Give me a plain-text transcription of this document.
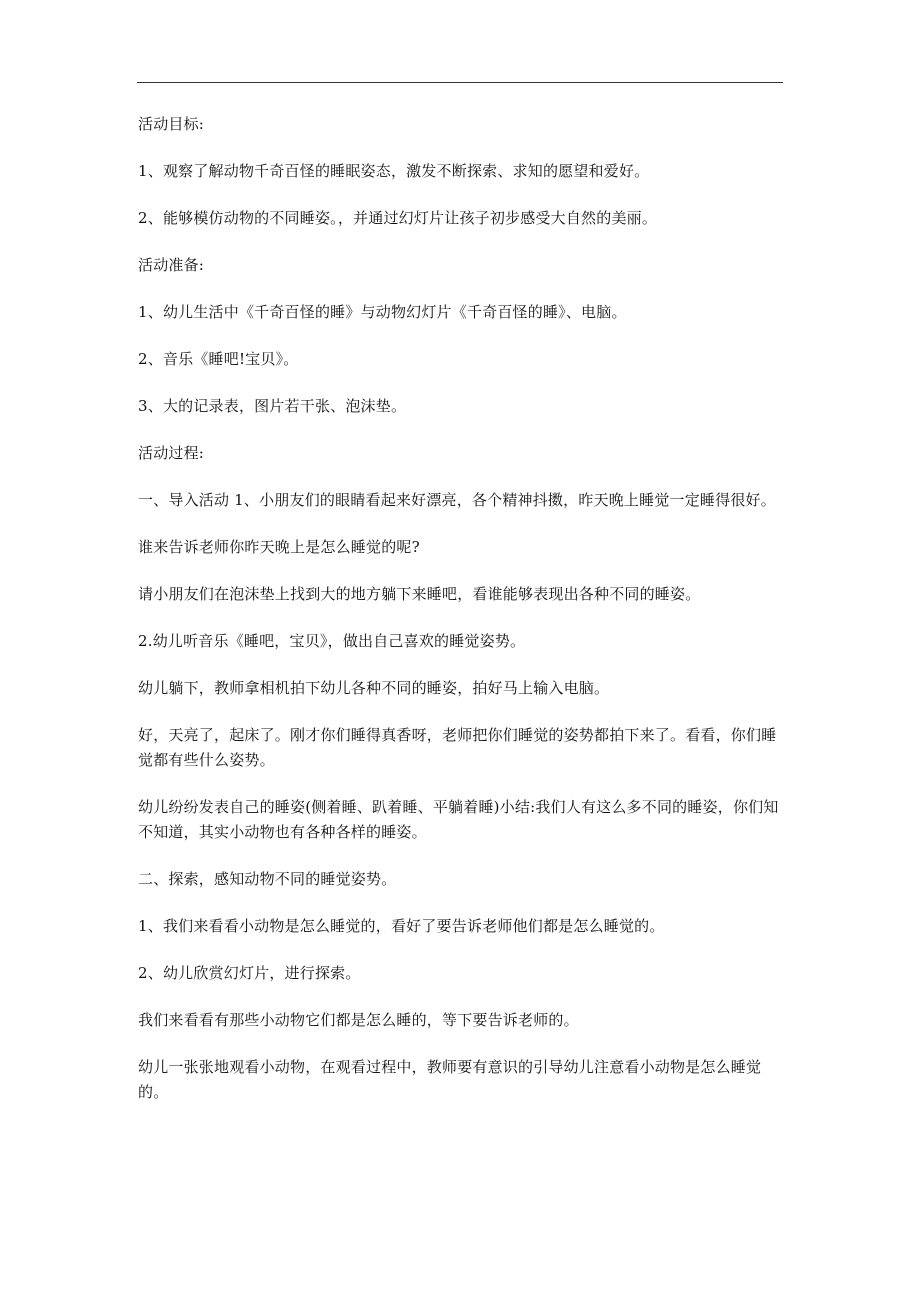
活动目标:

1、观察了解动物千奇百怪的睡眠姿态，激发不断探索、求知的愿望和爱好。

2、能够模仿动物的不同睡姿。，并通过幻灯片让孩子初步感受大自然的美丽。

活动准备:

1、幼儿生活中《千奇百怪的睡》与动物幻灯片《千奇百怪的睡》、电脑。

2、音乐《睡吧!宝贝》。

3、大的记录表，图片若干张、泡沫垫。

活动过程:

一、导入活动 1、小朋友们的眼睛看起来好漂亮，各个精神抖擞，昨天晚上睡觉一定睡得很好。

谁来告诉老师你昨天晚上是怎么睡觉的呢?

请小朋友们在泡沫垫上找到大的地方躺下来睡吧，看谁能够表现出各种不同的睡姿。

2.幼儿听音乐《睡吧，宝贝》，做出自己喜欢的睡觉姿势。

幼儿躺下，教师拿相机拍下幼儿各种不同的睡姿，拍好马上输入电脑。

好，天亮了，起床了。刚才你们睡得真香呀，老师把你们睡觉的姿势都拍下来了。看看，你们睡觉都有些什么姿势。

幼儿纷纷发表自己的睡姿(侧着睡、趴着睡、平躺着睡)小结:我们人有这么多不同的睡姿，你们知不知道，其实小动物也有各种各样的睡姿。

二、探索，感知动物不同的睡觉姿势。

1、我们来看看小动物是怎么睡觉的，看好了要告诉老师他们都是怎么睡觉的。

2、幼儿欣赏幻灯片，进行探索。

我们来看看有那些小动物它们都是怎么睡的，等下要告诉老师的。

幼儿一张张地观看小动物，在观看过程中，教师要有意识的引导幼儿注意看小动物是怎么睡觉的。
